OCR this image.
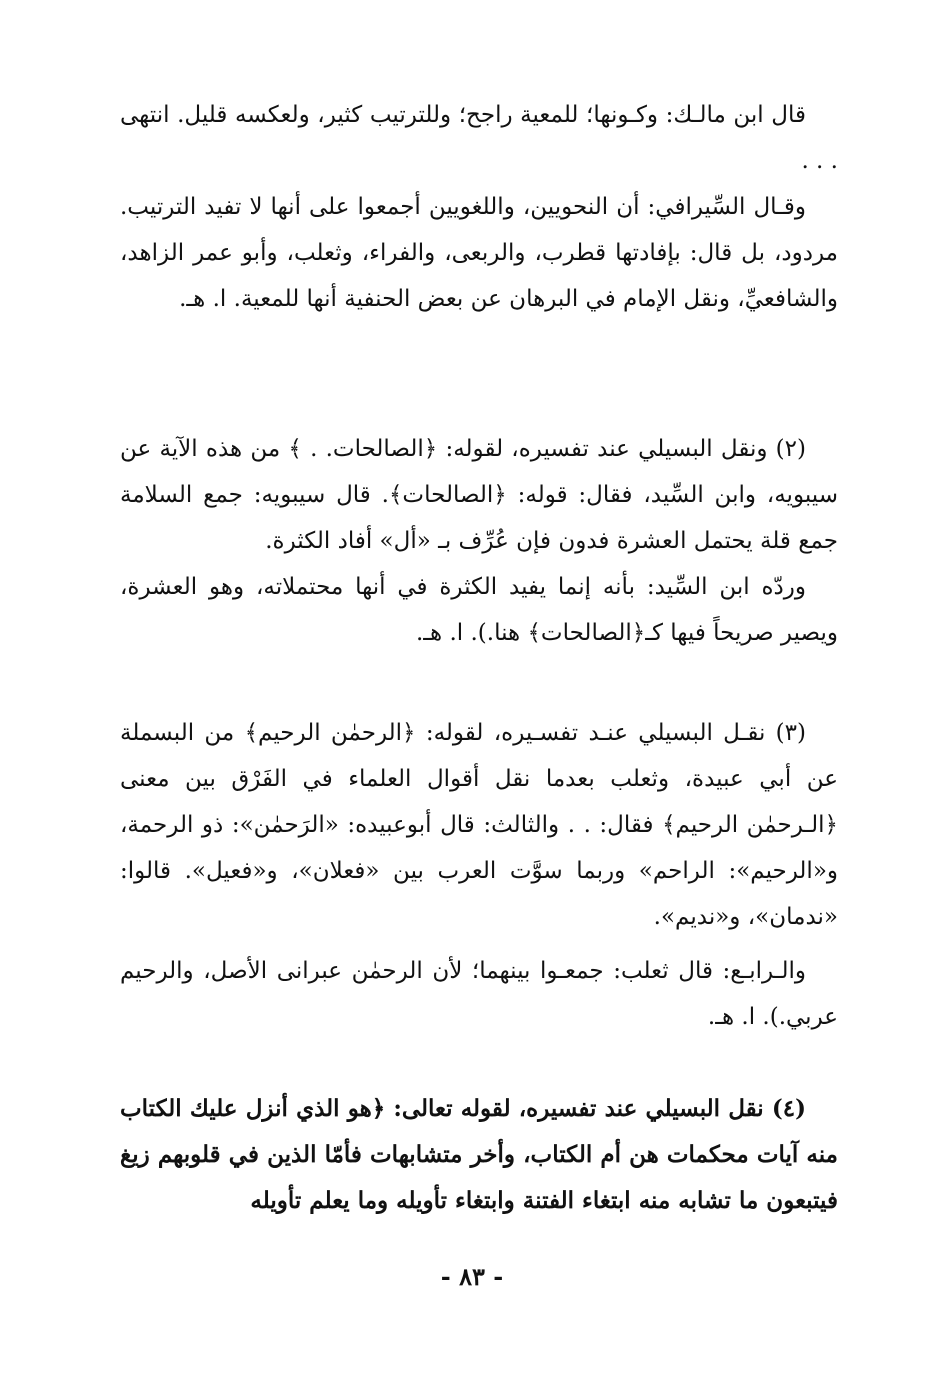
قال ابن مالـك: وكـونها؛ للمعية راجح؛ وللترتيب كثير، ولعكسه قليل. انتهى . . .

وقـال السِّيرافي: أن النحويين، واللغويين أجمعوا على أنها لا تفيد الترتيب. مردود، بل قال: بإفادتها قطرب، والربعى، والفراء، وثعلب، وأبو عمر الزاهد، والشافعيِّ، ونقل الإمام في البرهان عن بعض الحنفية أنها للمعية. ا. هـ.

(٢) ونقل البسيلي عند تفسيره، لقوله: ﴿الصالحات. . ﴾ من هذه الآية عن سيبويه، وابن السِّيد، فقال: قوله: ﴿الصالحات﴾. قال سيبويه: جمع السلامة جمع قلة يحتمل العشرة فدون فإن عُرِّف بـ «أل» أفاد الكثرة.

وردّه ابن السِّيد: بأنه إنما يفيد الكثرة في أنها محتملاته، وهو العشرة، ويصير صريحاً فيها كـ﴿الصالحات﴾ هنا.). ا. هـ.

(٣) نقـل البسيلي عنـد تفسـيره، لقوله: ﴿الرحمٰن الرحيم﴾ من البسملة عن أبي عبيدة، وثعلب بعدما نقل أقوال العلماء في الفَرْق بين معنى ﴿الـرحمٰن الرحيم﴾ فقال: . . والثالث: قال أبوعبيده: «الرَحمٰن»: ذو الرحمة، و«الرحيم»: الراحم» وربما سوَّت العرب بين «فعلان»، و«فعيل». قالوا: «ندمان»، و«نديم».

والـرابـع: قال ثعلب: جمعـوا بينهما؛ لأن الرحمٰن عبرانى الأصل، والرحيم عربي.). ا. هـ.

(٤) نقل البسيلي عند تفسيره، لقوله تعالى: ﴿هو الذي أنزل عليك الكتاب منه آيات محكمات هن أم الكتاب، وأخر متشابهات فأمّا الذين في قلوبهم زيغ فيتبعون ما تشابه منه ابتغاء الفتنة وابتغاء تأويله وما يعلم تأويله

- ٨٣ -
